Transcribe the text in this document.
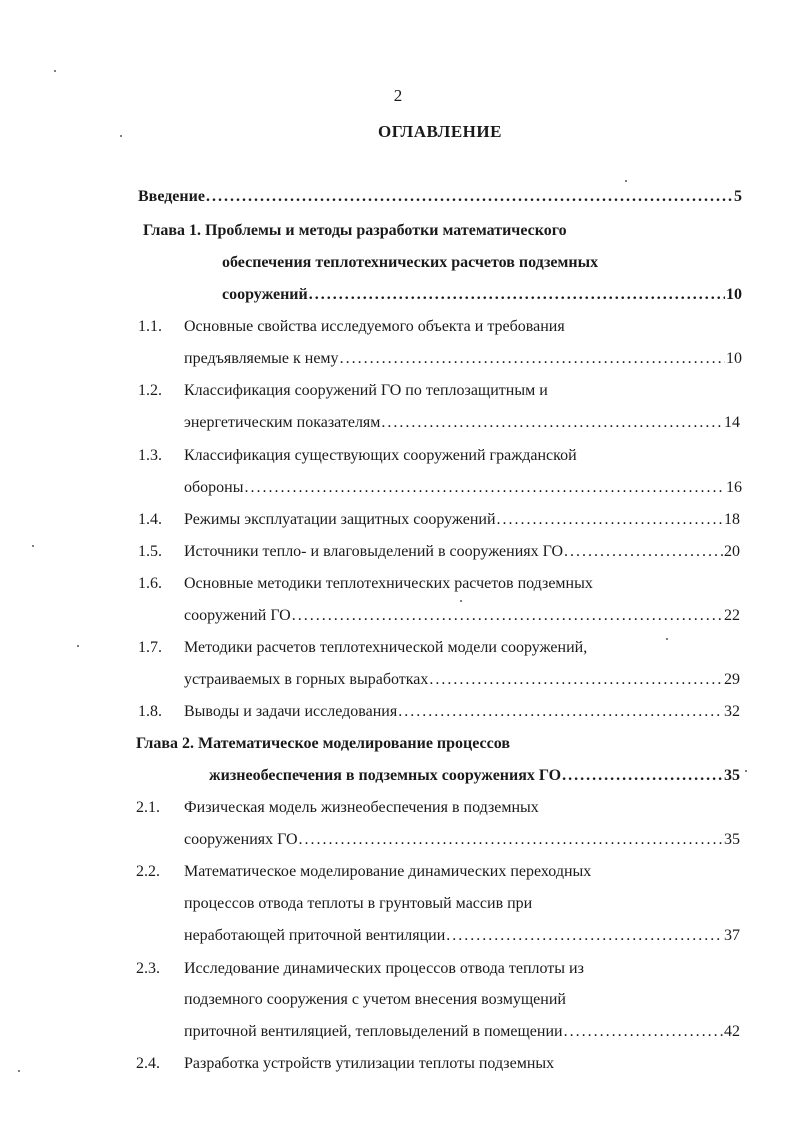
2
ОГЛАВЛЕНИЕ
Введение . . .	5
Глава 1. Проблемы и методы разработки математического
обеспечения теплотехнических расчетов подземных
сооружений . . .	10
1.1. Основные свойства исследуемого объекта и требования
предъявляемые к нему . . .	10
1.2. Классификация сооружений ГО по теплозащитным и
энергетическим показателям . . .	14
1.3. Классификация существующих сооружений гражданской
обороны . . .	16
1.4. Режимы эксплуатации защитных сооружений . . .	18
1.5. Источники тепло- и влаговыделений в сооружениях ГО . . .	20
1.6. Основные методики теплотехнических расчетов подземных
сооружений ГО . . .	22
1.7. Методики расчетов теплотехнической модели сооружений,
устраиваемых в горных выработках . . .	29
1.8. Выводы и задачи исследования . . .	32
Глава 2. Математическое моделирование процессов
жизнеобеспечения в подземных сооружениях ГО . . .	35
2.1. Физическая модель жизнеобеспечения в подземных
сооружениях ГО . . .	35
2.2. Математическое моделирование динамических переходных
процессов отвода теплоты в грунтовый массив при
неработающей приточной вентиляции . . .	37
2.3. Исследование динамических процессов отвода теплоты из
подземного сооружения с учетом внесения возмущений
приточной вентиляцией, тепловыделений в помещении . . .	42
2.4. Разработка устройств утилизации теплоты подземных
